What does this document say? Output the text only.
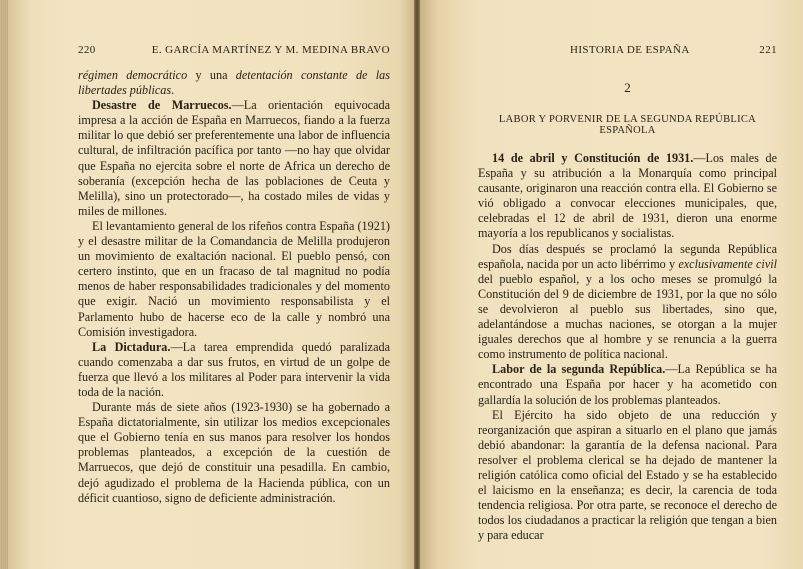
220	E. GARCÍA MARTÍNEZ Y M. MEDINA BRAVO

régimen democrático y una detentación constante de las libertades públicas.

Desastre de Marruecos.—La orientación equivocada impresa a la acción de España en Marruecos, fiando a la fuerza militar lo que debió ser preferentemente una labor de influencia cultural, de infiltración pacífica por tanto —no hay que olvidar que España no ejercita sobre el norte de Africa un derecho de soberanía (excepción hecha de las poblaciones de Ceuta y Melilla), sino un protectorado—, ha costado miles de vidas y miles de millones.

El levantamiento general de los rifeños contra España (1921) y el desastre militar de la Comandancia de Melilla produjeron un movimiento de exaltación nacional. El pueblo pensó, con certero instinto, que en un fracaso de tal magnitud no podía menos de haber responsabilidades tradicionales y del momento que exigir. Nació un movimiento responsabilista y el Parlamento hubo de hacerse eco de la calle y nombró una Comisión investigadora.

La Dictadura.—La tarea emprendida quedó paralizada cuando comenzaba a dar sus frutos, en virtud de un golpe de fuerza que llevó a los militares al Poder para intervenir la vida toda de la nación.

Durante más de siete años (1923-1930) se ha gobernado a España dictatorialmente, sin utilizar los medios excepcionales que el Gobierno tenía en sus manos para resolver los hondos problemas planteados, a excepción de la cuestión de Marruecos, que dejó de constituir una pesadilla. En cambio, dejó agudizado el problema de la Hacienda pública, con un déficit cuantioso, signo de deficiente administración.

HISTORIA DE ESPAÑA	221
2
LABOR Y PORVENIR DE LA SEGUNDA REPÚBLICA ESPAÑOLA

14 de abril y Constitución de 1931.—Los males de España y su atribución a la Monarquía como principal causante, originaron una reacción contra ella. El Gobierno se vió obligado a convocar elecciones municipales, que, celebradas el 12 de abril de 1931, dieron una enorme mayoría a los republicanos y socialistas.

Dos días después se proclamó la segunda República española, nacida por un acto libérrimo y exclusivamente civil del pueblo español, y a los ocho meses se promulgó la Constitución del 9 de diciembre de 1931, por la que no sólo se devolvieron al pueblo sus libertades, sino que, adelantándose a muchas naciones, se otorgan a la mujer iguales derechos que al hombre y se renuncia a la guerra como instrumento de política nacional.

Labor de la segunda República.—La República se ha encontrado una España por hacer y ha acometido con gallardía la solución de los problemas planteados.

El Ejército ha sido objeto de una reducción y reorganización que aspiran a situarlo en el plano que jamás debió abandonar: la garantía de la defensa nacional. Para resolver el problema clerical se ha dejado de mantener la religión católica como oficial del Estado y se ha establecido el laicismo en la enseñanza; es decir, la carencia de toda tendencia religiosa. Por otra parte, se reconoce el derecho de todos los ciudadanos a practicar la religión que tengan a bien y para educar
